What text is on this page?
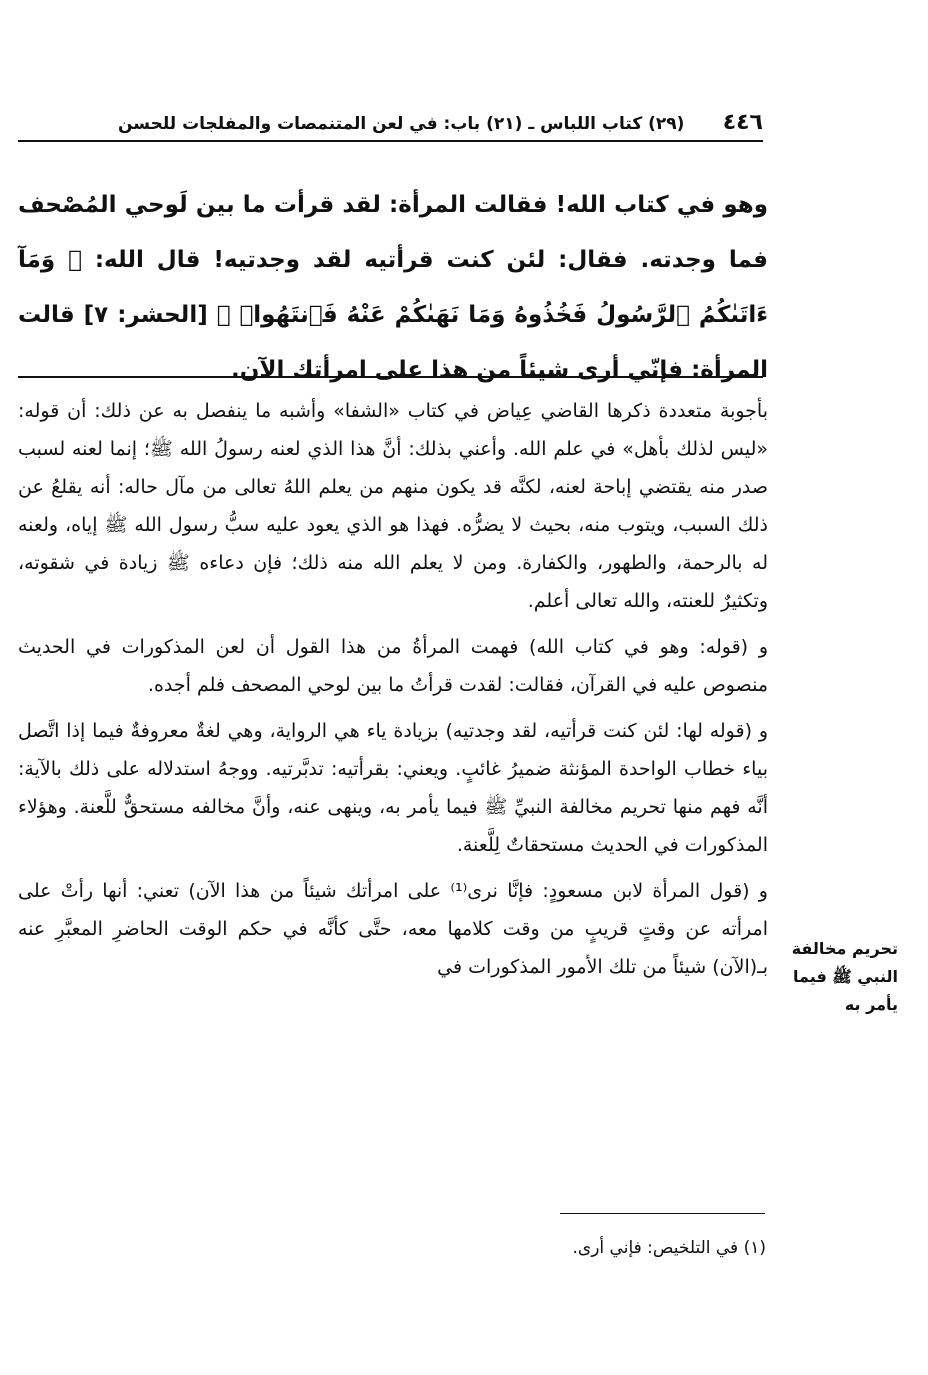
٤٤٦
(٢٩) كتاب اللباس ـ (٢١) باب: في لعن المتنمصات والمفلجات للحسن

وهو في كتاب الله! فقالت المرأة: لقد قرأت ما بين لَوحي المُصْحف فما وجدته. فقال: لئن كنت قرأتيه لقد وجدتيه! قال الله: ﴿ وَمَآ ءَاتَىٰكُمُ ٱلرَّسُولُ فَخُذُوهُ وَمَا نَهَىٰكُمْ عَنْهُ فَٱنتَهُوا۟ ﴾ [الحشر: ٧] قالت المرأة: فإنّي أرى شيئاً من هذا على امرأتك الآن.

بأجوبة متعددة ذكرها القاضي عِياض في كتاب «الشفا» وأشبه ما ينفصل به عن ذلك: أن قوله: «ليس لذلك بأهل» في علم الله. وأعني بذلك: أنَّ هذا الذي لعنه رسولُ الله ﷺ؛ إنما لعنه لسبب صدر منه يقتضي إباحة لعنه، لكنَّه قد يكون منهم من يعلم اللهُ تعالى من مآل حاله: أنه يقلعُ عن ذلك السبب، ويتوب منه، بحيث لا يضرُّه. فهذا هو الذي يعود عليه سبُّ رسول الله ﷺ إياه، ولعنه له بالرحمة، والطهور، والكفارة. ومن لا يعلم الله منه ذلك؛ فإن دعاءه ﷺ زيادة في شقوته، وتكثيرٌ للعنته، والله تعالى أعلم.

و (قوله: وهو في كتاب الله) فهمت المرأةُ من هذا القول أن لعن المذكورات في الحديث منصوص عليه في القرآن، فقالت: لقدت قرأتُ ما بين لوحي المصحف فلم أجده.

و (قوله لها: لئن كنت قرأتيه، لقد وجدتيه) بزيادة ياء هي الرواية، وهي لغةٌ معروفةٌ فيما إذا اتَّصل بياء خطاب الواحدة المؤنثة ضميرُ غائبٍ. ويعني: بقرأتيه: تدبَّرتيه. ووجهُ استدلاله على ذلك بالآية: أنَّه فهم منها تحريم مخالفة النبيِّ ﷺ فيما يأمر به، وينهى عنه، وأنَّ مخالفه مستحقٌّ للَّعنة. وهؤلاء المذكورات في الحديث مستحقاتٌ لِلَّعنة.

و (قول المرأة لابن مسعودٍ: فإنَّا نرى⁽¹⁾ على امرأتك شيئاً من هذا الآن) تعني: أنها رأتْ على امرأته عن وقتٍ قريبٍ من وقت كلامها معه، حتَّى كأنَّه في حكم الوقت الحاضرِ المعبَّرِ عنه بـ(الآن) شيئاً من تلك الأمور المذكورات في

تحريم مخالفة النبي ﷺ فيما يأمر به
(١) في التلخيص: فإني أرى.
